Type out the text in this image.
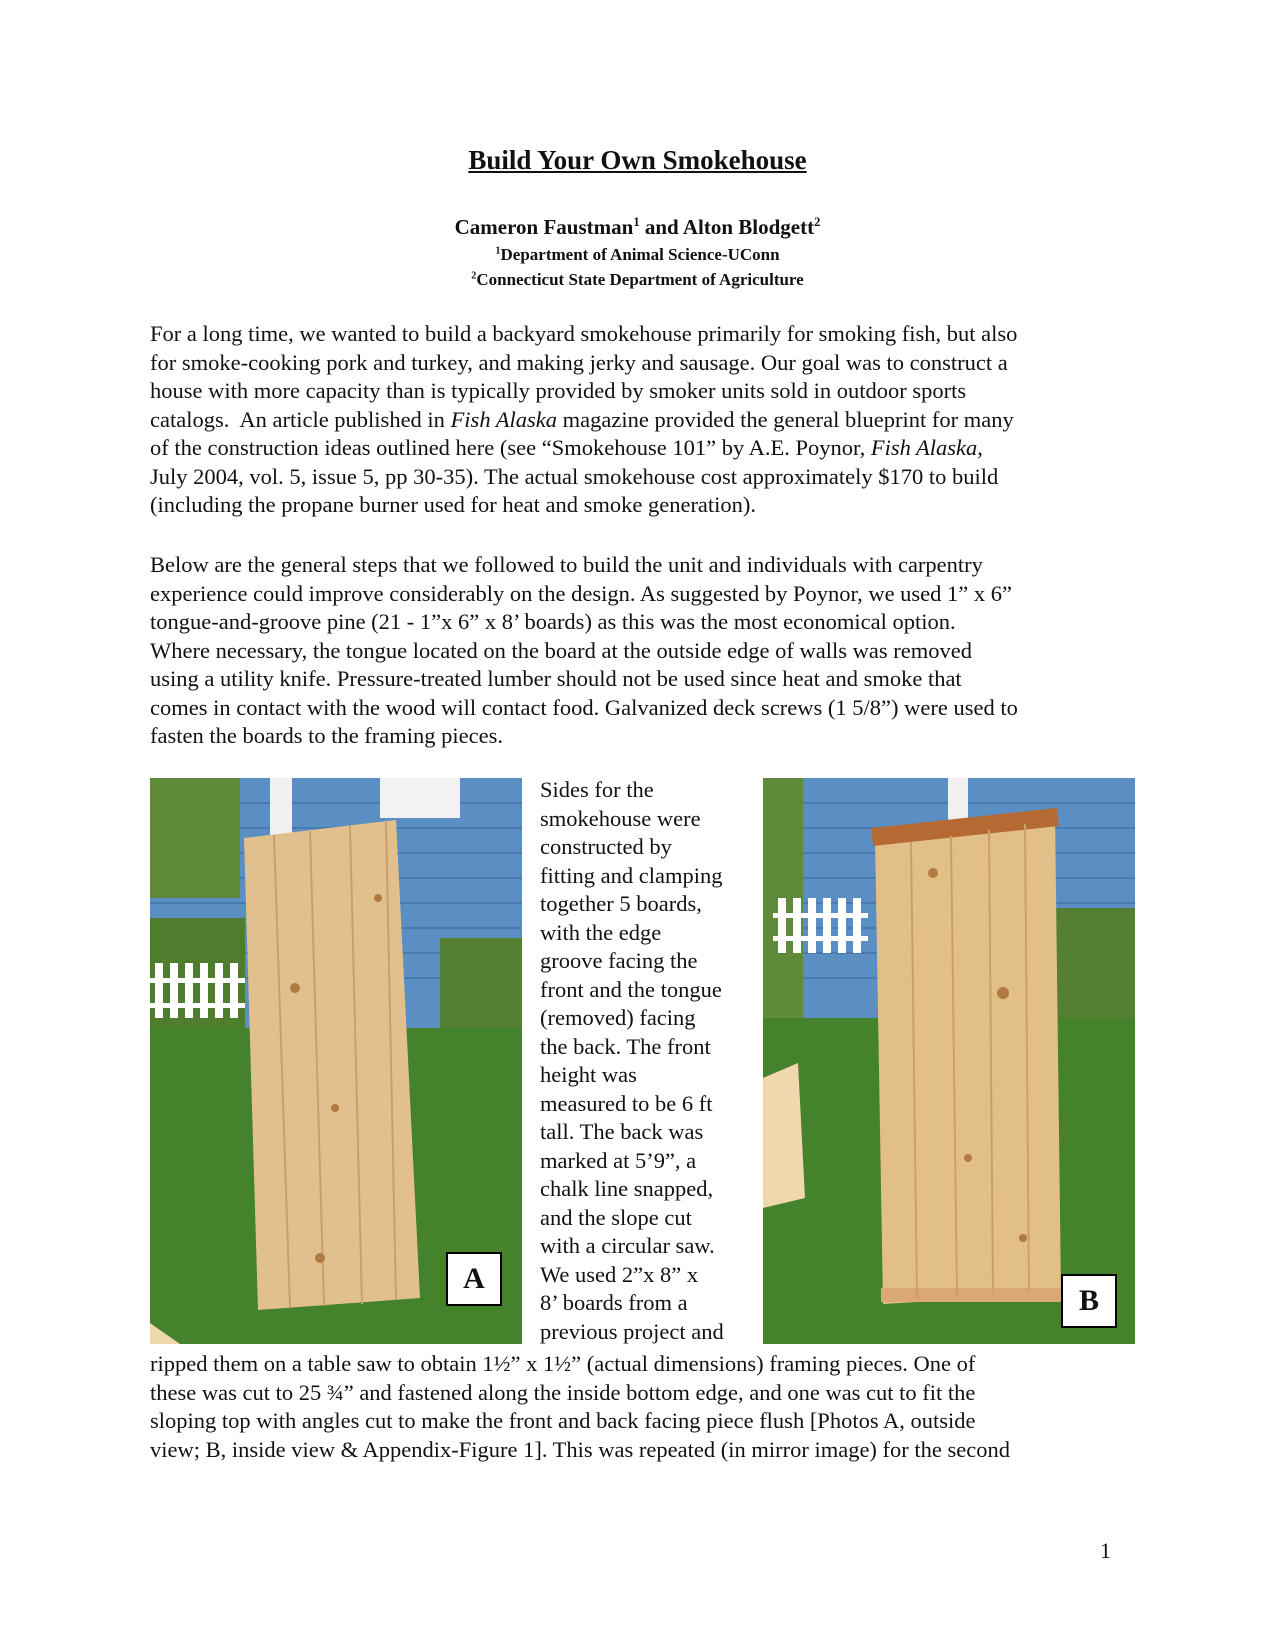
Build Your Own Smokehouse
Cameron Faustman$^1$ and Alton Blodgett$^2$
$^1$Department of Animal Science-UConn
$^2$Connecticut State Department of Agriculture
For a long time, we wanted to build a backyard smokehouse primarily for smoking fish, but also
for smoke-cooking pork and turkey, and making jerky and sausage. Our goal was to construct a
house with more capacity than is typically provided by smoker units sold in outdoor sports
catalogs.  An article published in Fish Alaska magazine provided the general blueprint for many
of the construction ideas outlined here (see “Smokehouse 101” by A.E. Poynor, Fish Alaska,
July 2004, vol. 5, issue 5, pp 30-35). The actual smokehouse cost approximately $170 to build
(including the propane burner used for heat and smoke generation).
Below are the general steps that we followed to build the unit and individuals with carpentry
experience could improve considerably on the design. As suggested by Poynor, we used 1” x 6”
tongue-and-groove pine (21 - 1”x 6” x 8’ boards) as this was the most economical option.
Where necessary, the tongue located on the board at the outside edge of walls was removed
using a utility knife. Pressure-treated lumber should not be used since heat and smoke that
comes in contact with the wood will contact food. Galvanized deck screws (1 5/8”) were used to
fasten the boards to the framing pieces.
A
Sides for the
smokehouse were
constructed by
fitting and clamping
together 5 boards,
with the edge
groove facing the
front and the tongue
(removed) facing
the back. The front
height was
measured to be 6 ft
tall. The back was
marked at 5’9”, a
chalk line snapped,
and the slope cut
with a circular saw.
We used 2”x 8” x
8’ boards from a
previous project and
B
ripped them on a table saw to obtain 1½” x 1½” (actual dimensions) framing pieces. One of
these was cut to 25 ¾” and fastened along the inside bottom edge, and one was cut to fit the
sloping top with angles cut to make the front and back facing piece flush [Photos A, outside
view; B, inside view & Appendix-Figure 1]. This was repeated (in mirror image) for the second
1
